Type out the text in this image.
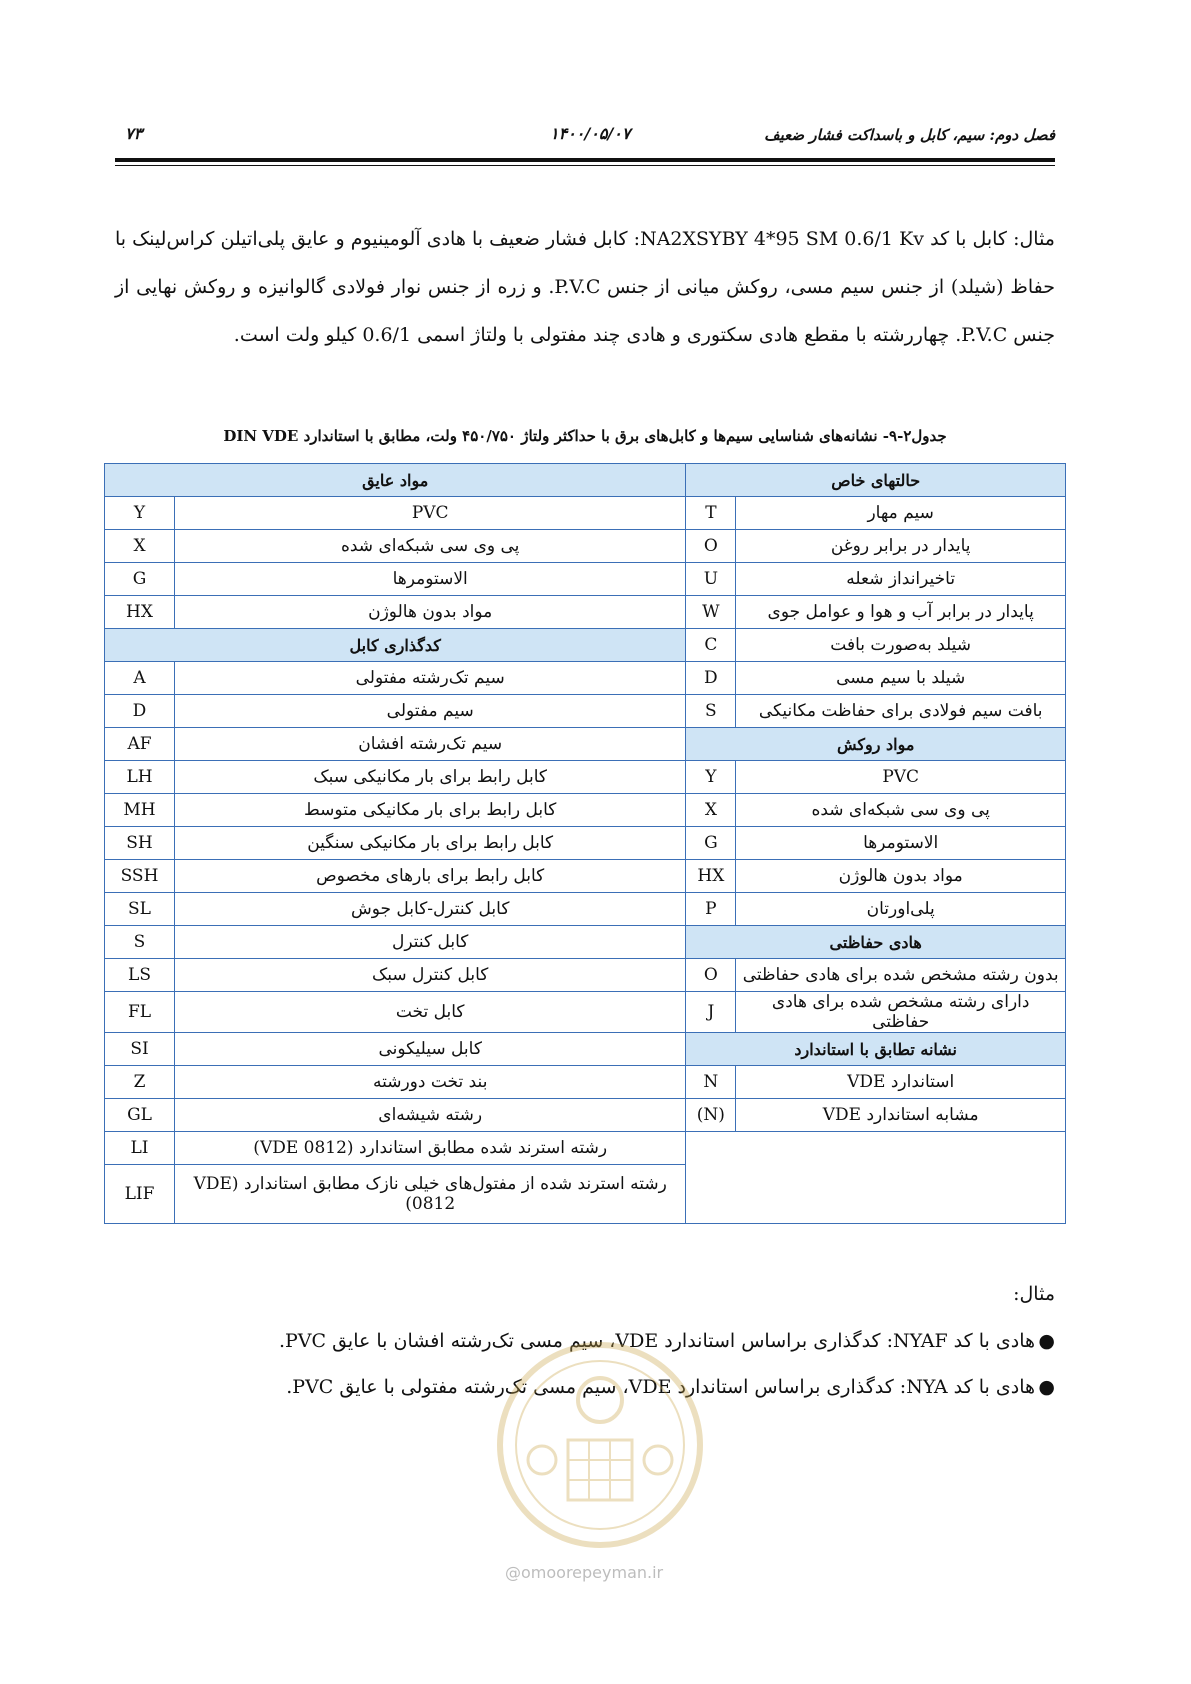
فصل دوم: سیم، کابل و باسداکت فشار ضعیف
۱۴۰۰/۰۵/۰۷
۷۳
مثال: کابل با کد NA2XSYBY 4*95 SM 0.6/1 Kv: کابل فشار ضعیف با هادی آلومینیوم و عایق پلی‌اتیلن کراس‌لینک با حفاظ (شیلد) از جنس سیم مسی، روکش میانی از جنس P.V.C. و زره از جنس نوار فولادی گالوانیزه و روکش نهایی از جنس P.V.C. چهاررشته با مقطع هادی سکتوری و هادی چند مفتولی با ولتاژ اسمی 0.6/1 کیلو ولت است.
جدول۲-۹- نشانه‌های شناسایی سیم‌ها و کابل‌های برق با حداکثر ولتاژ ۴۵۰/۷۵۰ ولت، مطابق با استاندارد DIN VDE
حالتهای خاص		مواد عایق	
سیم مهار	T	PVC	Y
پایدار در برابر روغن	O	پی وی سی شبکه‌ای شده	X
تاخیرانداز شعله	U	الاستومرها	G
پایدار در برابر آب و هوا و عوامل جوی	W	مواد بدون هالوژن	HX
شیلد به‌صورت بافت	C	کدگذاری کابل	
شیلد با سیم مسی	D	سیم تک‌رشته مفتولی	A
بافت سیم فولادی برای حفاظت مکانیکی	S	سیم مفتولی	D
مواد روکش		سیم تک‌رشته افشان	AF
PVC	Y	کابل رابط برای بار مکانیکی سبک	LH
پی وی سی شبکه‌ای شده	X	کابل رابط برای بار مکانیکی متوسط	MH
الاستومرها	G	کابل رابط برای بار مکانیکی سنگین	SH
مواد بدون هالوژن	HX	کابل رابط برای بارهای مخصوص	SSH
پلی‌اورتان	P	کابل کنترل-کابل جوش	SL
هادی حفاظتی		کابل کنترل	S
بدون رشته مشخص شده برای هادی حفاظتی	O	کابل کنترل سبک	LS
دارای رشته مشخص شده برای هادی حفاظتی	J	کابل تخت	FL
نشانه تطابق با استاندارد		کابل سیلیکونی	SI
استاندارد VDE	N	بند تخت دورشته	Z
مشابه استاندارد VDE	(N)	رشته شیشه‌ای	GL
		رشته استرند شده مطابق استاندارد (VDE 0812)	LI
		رشته استرند شده از مفتول‌های خیلی نازک مطابق استاندارد (VDE 0812)	LIF
مثال:
●هادی با کد NYAF: کدگذاری براساس استاندارد VDE، سیم مسی تک‌رشته افشان با عایق PVC.
●هادی با کد NYA: کدگذاری براساس استاندارد VDE، سیم مسی تک‌رشته مفتولی با عایق PVC.
@omoorepeyman.ir
